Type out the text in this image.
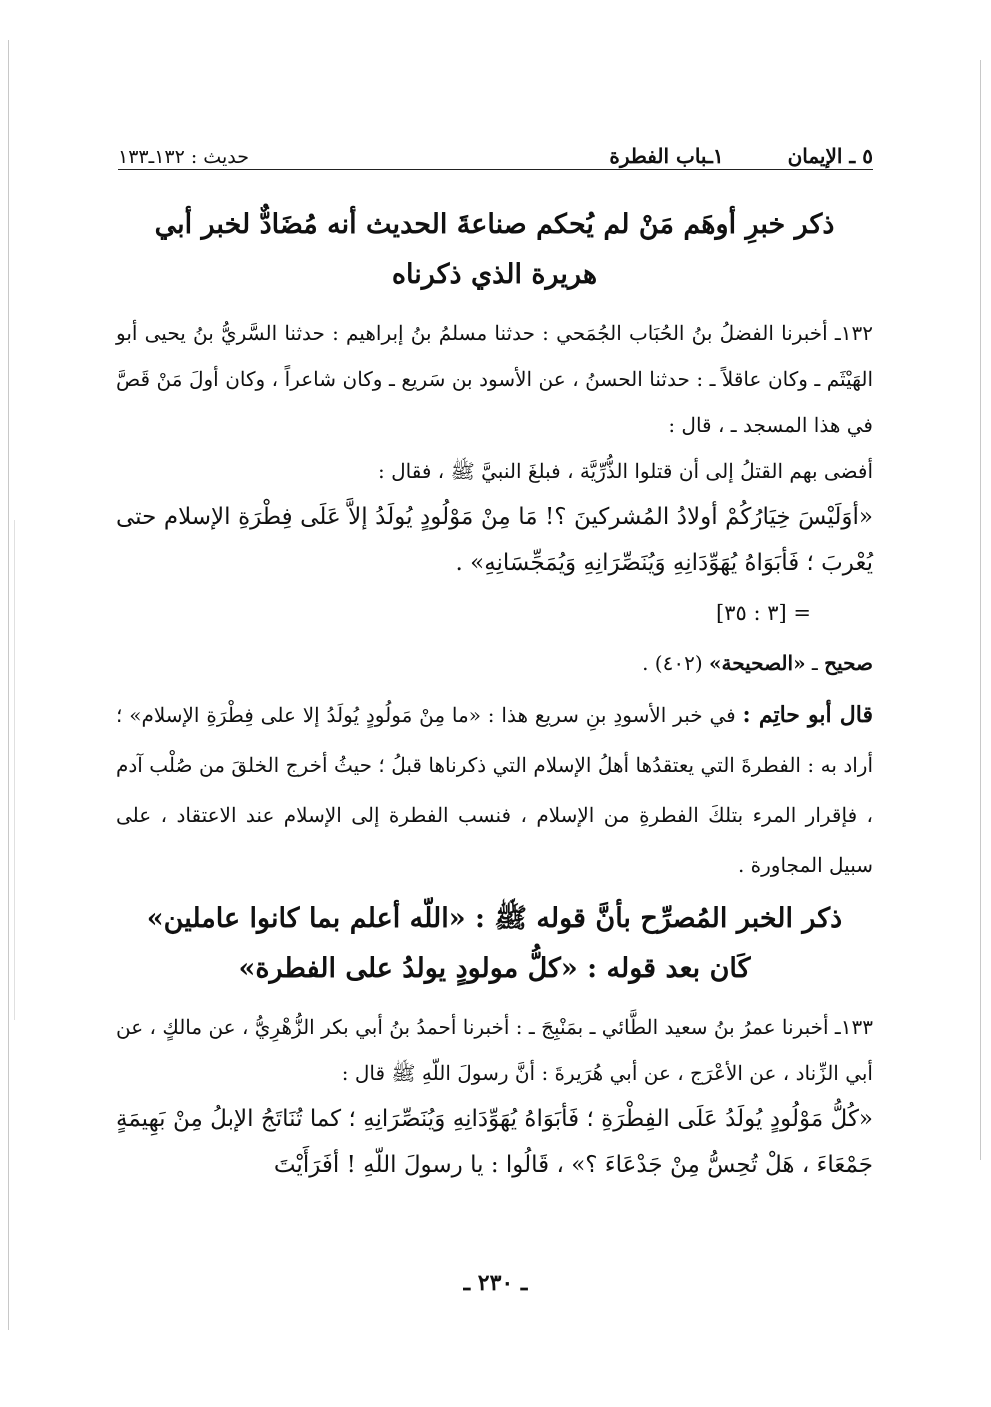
٥ ـ الإيمان
١ـباب الفطرة
حديث : ١٣٢ـ١٣٣
ذكر خبرِ أوهَم مَنْ لم يُحكم صناعةَ الحديث أنه مُضَادٌّ لخبر أبي
هريرة الذي ذكرناه

١٣٢ـ أخبرنا الفضلُ بنُ الحُبَاب الجُمَحي : حدثنا مسلمُ بنُ إبراهيم : حدثنا السَّريُّ بنُ يحيى أبو الهَيْثَم ـ وكان عاقلاً ـ : حدثنا الحسنُ ، عن الأسود بن سَريع ـ وكان شاعراً ، وكان أولَ مَنْ قَصَّ في هذا المسجد ـ ، قال :

أفضى بهم القتلُ إلى أن قتلوا الذُّرِّيَّة ، فبلغَ النبيَّ ﷺ ، فقال :

«أوَلَيْسَ خِيَارُكُمْ أولادُ المُشركينَ ؟! مَا مِنْ مَوْلُودٍ يُولَدُ إلاَّ عَلَى فِطْرَةِ الإسلام حتى يُعْربَ ؛ فَأبَوَاهُ يُهَوِّدَانِهِ وَيُنَصِّرَانِهِ وَيُمَجِّسَانِهِ» .

= [٣ : ٣٥]

صحيح ـ «الصحيحة» (٤٠٢) .

قال أبو حاتِم : في خبر الأسودِ بنِ سريع هذا : «ما مِنْ مَولُودٍ يُولَدُ إلا على فِطْرَةِ الإسلام» ؛ أراد به : الفطرةَ التي يعتقدُها أهلُ الإسلام التي ذكرناها قبلُ ؛ حيثُ أخرج الخلقَ من صُلْب آدم ، فإقرار المرء بتلكَ الفطرةِ من الإسلام ، فنسب الفطرة إلى الإسلام عند الاعتقاد ، على سبيل المجاورة .

ذكر الخبر المُصرِّح بأنَّ قوله ﷺ : «اللّه أعلم بما كانوا عاملين»
كَان بعد قوله : «كلُّ مولودٍ يولدُ على الفطرة»

١٣٣ـ أخبرنا عمرُ بنُ سعيد الطَّائي ـ بمَنْبِجَ ـ : أخبرنا أحمدُ بنُ أبي بكر الزُّهْرِيُّ ، عن مالكٍ ، عن أبي الزِّناد ، عن الأعْرَج ، عن أبي هُرَيرةَ : أنَّ رسولَ اللّهِ ﷺ قال :

«كُلُّ مَوْلُودٍ يُولَدُ عَلَى الفِطْرَةِ ؛ فَأبَوَاهُ يُهَوِّدَانِهِ وَيُنَصِّرَانِهِ ؛ كما تُنَاتَجُ الإبلُ مِنْ بَهِيمَةٍ جَمْعَاءَ ، هَلْ تُحِسُّ مِنْ جَدْعَاءَ ؟» ، قَالُوا : يا رسولَ اللّهِ ! أفَرَأَيْتَ

ـ ٢٣٠ ـ
